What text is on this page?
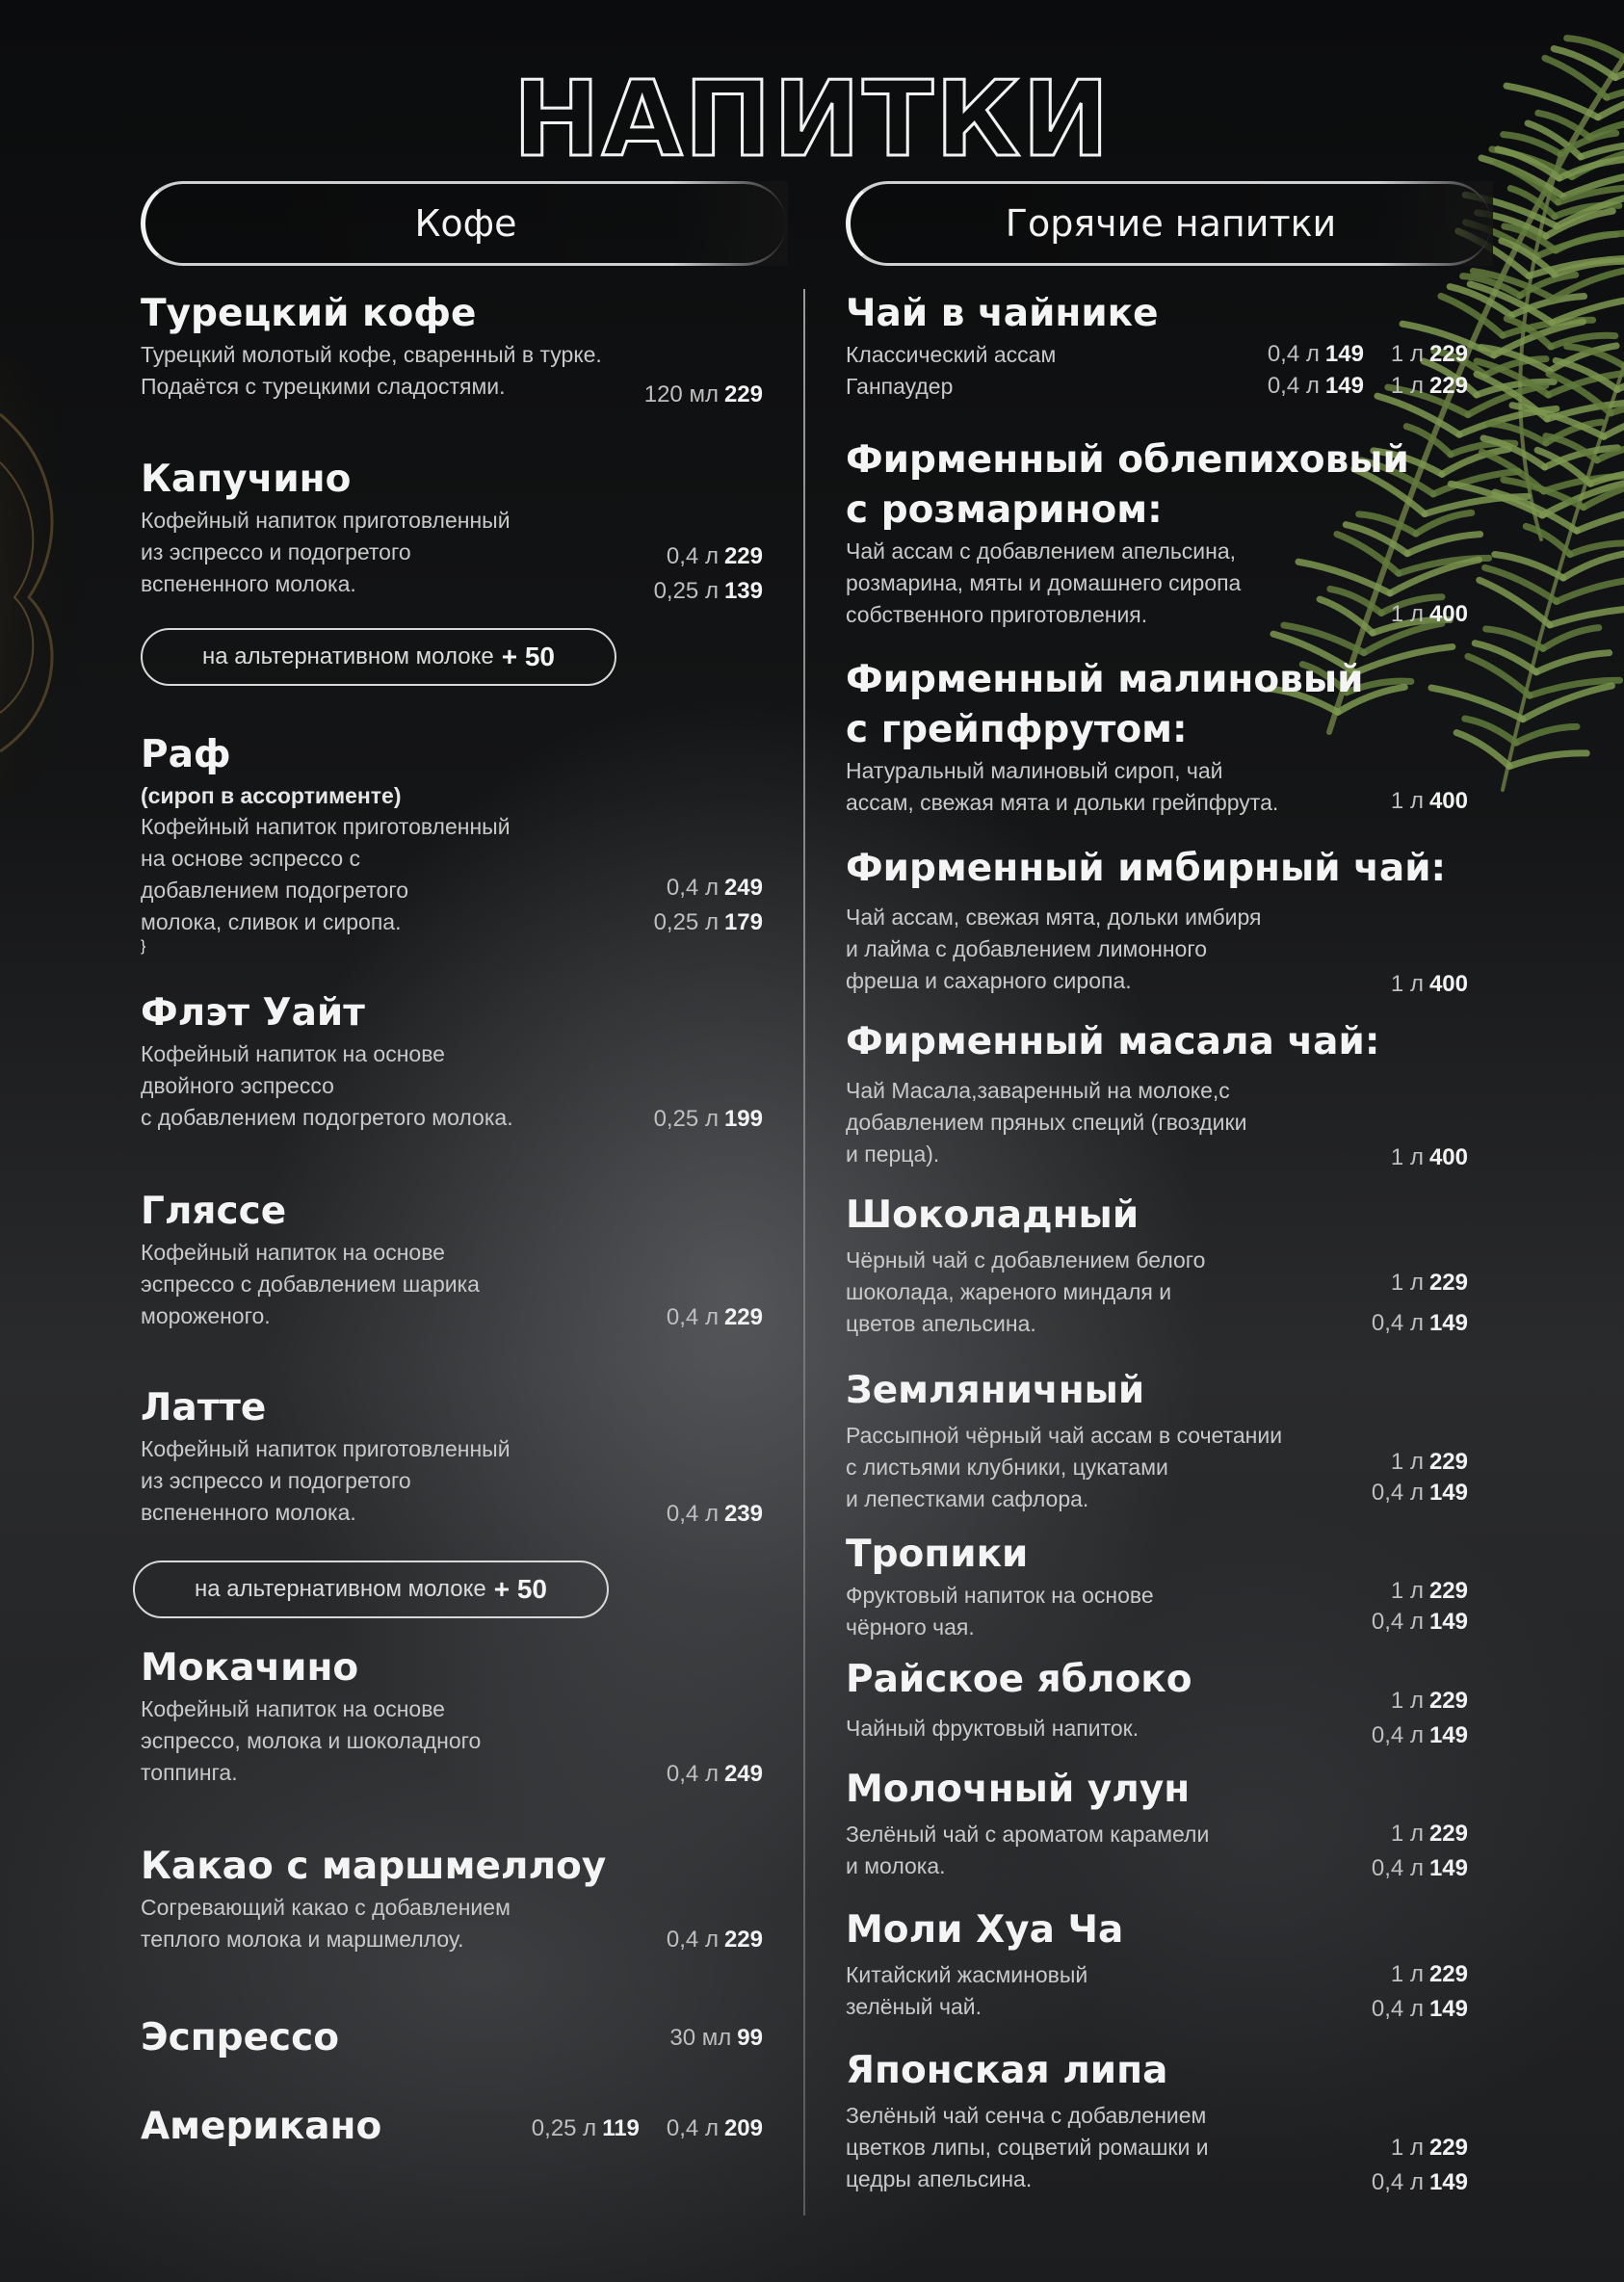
НАПИТКИ
Кофе	Горячие напитки
Турецкий кофе
Турецкий молотый кофе, сваренный в турке.
Подаётся с турецкими сладостями.	120 мл 229
Капучино
Кофейный напиток приготовленный
из эспрессо и подогретого
вспененного молока.
0,4 л 229
0,25 л 139
на альтернативном молоке + 50
Раф
(сироп в ассортименте)
Кофейный напиток приготовленный
на основе эспрессо с
добавлением подогретого
молока, сливок и сиропа.
0,4 л 249
0,25 л 179
}
Флэт Уайт
Кофейный напиток на основе
двойного эспрессо
с добавлением подогретого молока.	0,25 л 199
Гляссе
Кофейный напиток на основе
эспрессо с добавлением шарика
мороженого.	0,4 л 229
Латте
Кофейный напиток приготовленный
из эспрессо и подогретого
вспененного молока.	0,4 л 239
на альтернативном молоке + 50
Мокачино
Кофейный напиток на основе
эспрессо, молока и шоколадного
топпинга.	0,4 л 249
Какао с маршмеллоу
Согревающий какао с добавлением
теплого молока и маршмеллоу.	0,4 л 229
Эспрессо	30 мл 99
Американо	0,25 л 119 0,4 л 209
Чай в чайнике
Классический ассам	0,4 л 149 1 л 229
Ганпаудер	0,4 л 149 1 л 229
Фирменный облепиховый
с розмарином:
Чай ассам с добавлением апельсина,
розмарина, мяты и домашнего сиропа
собственного приготовления.	1 л 400
Фирменный малиновый
с грейпфрутом:
Натуральный малиновый сироп, чай
ассам, свежая мята и дольки грейпфрута.	1 л 400
Фирменный имбирный чай:
Чай ассам, свежая мята, дольки имбиря
и лайма с добавлением лимонного
фреша и сахарного сиропа.	1 л 400
Фирменный масала чай:
Чай Масала,заваренный на молоке,с
добавлением пряных специй (гвоздики
и перца).	1 л 400
Шоколадный
Чёрный чай с добавлением белого
шоколада, жареного миндаля и
цветов апельсина.
1 л 229
0,4 л 149
Земляничный
Рассыпной чёрный чай ассам в сочетании
с листьями клубники, цукатами
и лепестками сафлора.
1 л 229
0,4 л 149
Тропики
Фруктовый напиток на основе
чёрного чая.
1 л 229
0,4 л 149
Райское яблоко
Чайный фруктовый напиток.
1 л 229
0,4 л 149
Молочный улун
Зелёный чай с ароматом карамели
и молока.
1 л 229
0,4 л 149
Моли Хуа Ча
Китайский жасминовый
зелёный чай.
1 л 229
0,4 л 149
Японская липа
Зелёный чай сенча с добавлением
цветков липы, соцветий ромашки и
цедры апельсина.
1 л 229
0,4 л 149
